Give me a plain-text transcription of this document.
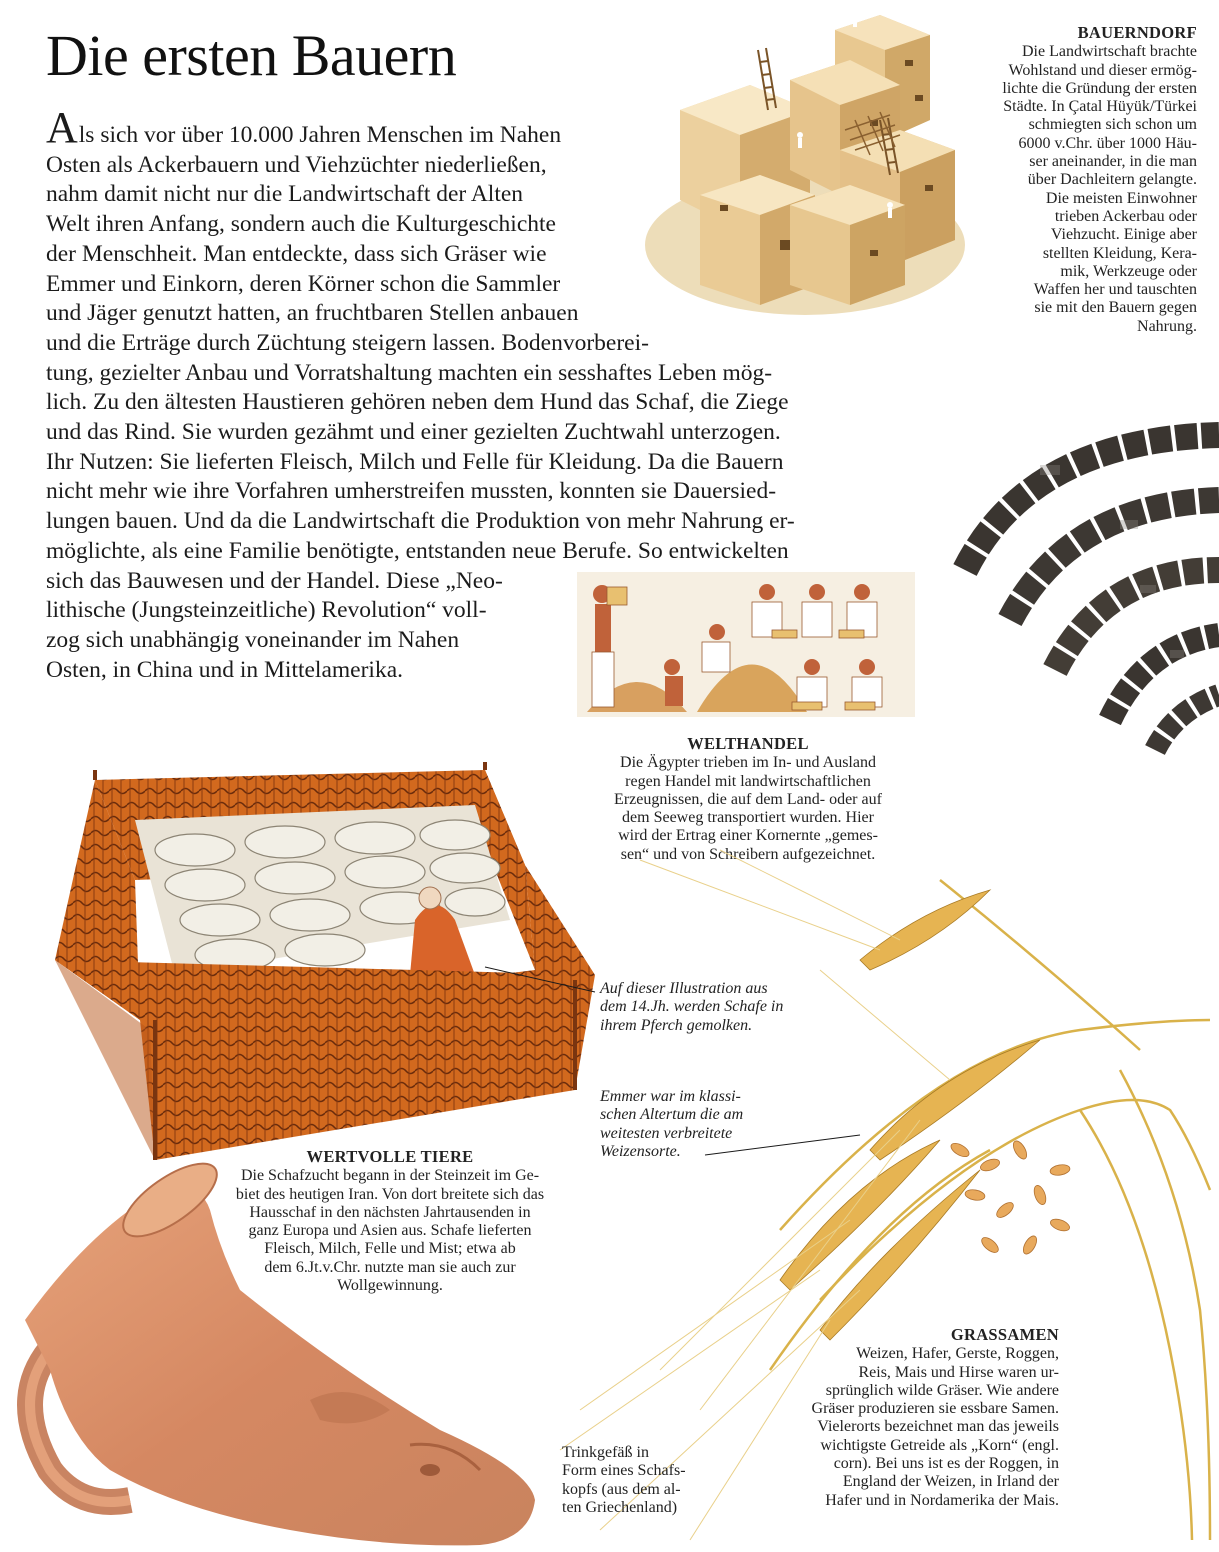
Die ersten Bauern

Als sich vor über 10.000 Jahren Menschen im Nahen
Osten als Ackerbauern und Viehzüchter niederließen,
nahm damit nicht nur die Landwirtschaft der Alten
Welt ihren Anfang, sondern auch die Kulturgeschichte
der Menschheit. Man entdeckte, dass sich Gräser wie
Emmer und Einkorn, deren Körner schon die Sammler
und Jäger genutzt hatten, an fruchtbaren Stellen anbauen
und die Erträge durch Züchtung steigern lassen. Bodenvorberei-
tung, gezielter Anbau und Vorratshaltung machten ein sesshaftes Leben mög-
lich. Zu den ältesten Haustieren gehören neben dem Hund das Schaf, die Ziege
und das Rind. Sie wurden gezähmt und einer gezielten Zuchtwahl unterzogen.
Ihr Nutzen: Sie lieferten Fleisch, Milch und Felle für Kleidung. Da die Bauern
nicht mehr wie ihre Vorfahren umherstreifen mussten, konnten sie Dauersied-
lungen bauen. Und da die Landwirtschaft die Produktion von mehr Nahrung er-
möglichte, als eine Familie benötigte, entstanden neue Berufe. So entwickelten
sich das Bauwesen und der Handel. Diese „Neo-
lithische (Jungsteinzeitliche) Revolution“ voll-
zog sich unabhängig voneinander im Nahen
Osten, in China und in Mittelamerika.

BAUERNDORF
Die Landwirtschaft brachte
Wohlstand und dieser ermög-
lichte die Gründung der ersten
Städte. In Çatal Hüyük/Türkei
schmiegten sich schon um
6000 v.Chr. über 1000 Häu-
ser aneinander, in die man
über Dachleitern gelangte.
Die meisten Einwohner
trieben Ackerbau oder
Viehzucht. Einige aber
stellten Kleidung, Kera-
mik, Werkzeuge oder
Waffen her und tauschten
sie mit den Bauern gegen
Nahrung.
WELTHANDEL
Die Ägypter trieben im In- und Ausland
regen Handel mit landwirtschaftlichen
Erzeugnissen, die auf dem Land- oder auf
dem Seeweg transportiert wurden. Hier
wird der Ertrag einer Kornernte „gemes-
sen“ und von Schreibern aufgezeichnet.
Auf dieser Illustration aus
dem 14.Jh. werden Schafe in
ihrem Pferch gemolken.
Emmer war im klassi-
schen Altertum die am
weitesten verbreitete
Weizensorte.
WERTVOLLE TIERE
Die Schafzucht begann in der Steinzeit im Ge-
biet des heutigen Iran. Von dort breitete sich das
Hausschaf in den nächsten Jahrtausenden in
ganz Europa und Asien aus. Schafe lieferten
Fleisch, Milch, Felle und Mist; etwa ab
dem 6.Jt.v.Chr. nutzte man sie auch zur
Wollgewinnung.
Trinkgefäß in
Form eines Schafs-
kopfs (aus dem al-
ten Griechenland)
GRASSAMEN
Weizen, Hafer, Gerste, Roggen,
Reis, Mais und Hirse waren ur-
sprünglich wilde Gräser. Wie andere
Gräser produzieren sie essbare Samen.
Vielerorts bezeichnet man das jeweils
wichtigste Getreide als „Korn“ (engl.
corn). Bei uns ist es der Roggen, in
England der Weizen, in Irland der
Hafer und in Nordamerika der Mais.
